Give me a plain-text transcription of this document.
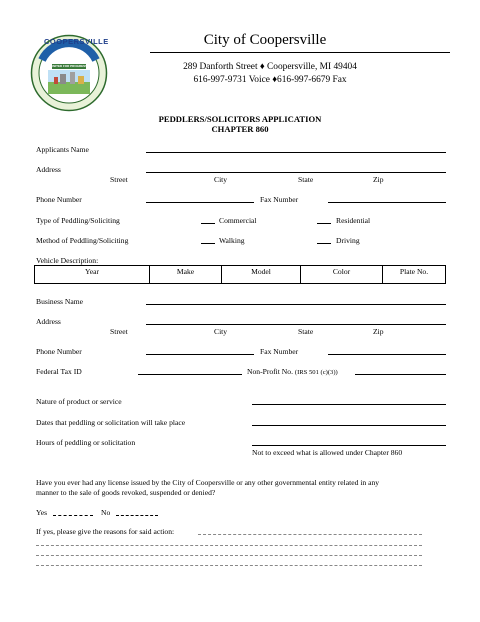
COOPERSVILLE
UNITED FOR PROGRESS
City of Coopersville
289 Danforth Street ♦ Coopersville, MI 49404
616-997-9731 Voice ♦616-997-6679 Fax
PEDDLERS/SOLICITORS APPLICATION
CHAPTER 860
Applicants Name
Address
Street	City	State	Zip
Phone Number	Fax Number
Type of Peddling/Soliciting	Commercial	Residential
Method of Peddling/Soliciting	Walking	Driving
Vehicle Description:
Year	Make	Model	Color	Plate No.
Business Name
Address
Street	City	State	Zip
Phone Number	Fax Number
Federal Tax ID	Non-Profit No. (IRS 501 (c)(3))
Nature of product or service
Dates that peddling or solicitation will take place
Hours of peddling or solicitation
Not to exceed what is allowed under Chapter 860
Have you ever had any license issued by the City of Coopersville or any other governmental entity related in any
manner to the sale of goods revoked, suspended or denied?
Yes	No
If yes, please give the reasons for said action:
